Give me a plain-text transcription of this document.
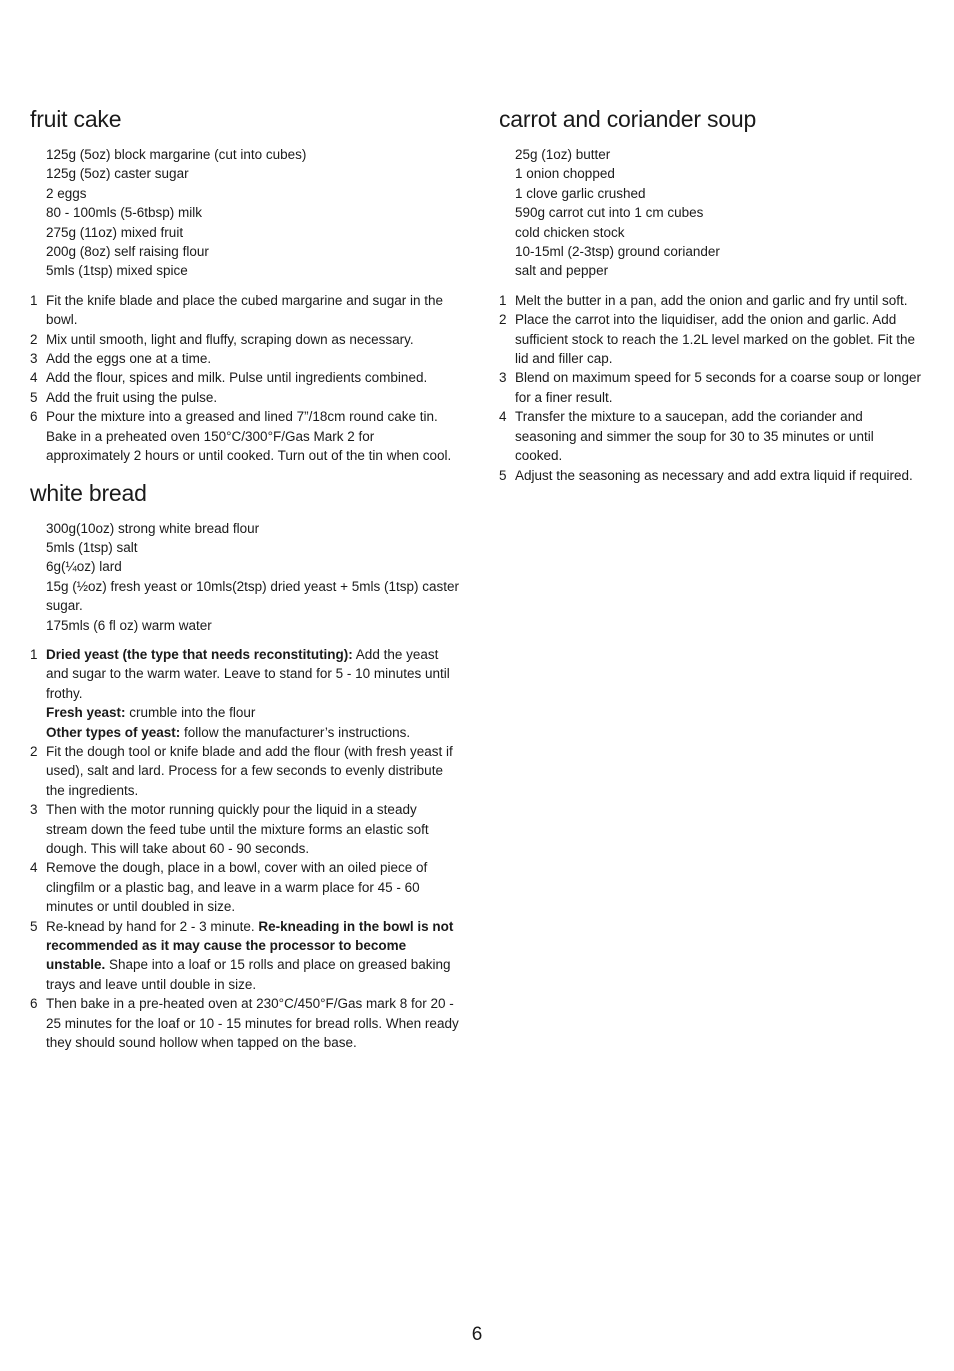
fruit cake
125g (5oz) block margarine (cut into cubes)
125g (5oz) caster sugar
2 eggs
80 - 100mls (5-6tbsp) milk
275g (11oz) mixed fruit
200g (8oz) self raising flour
5mls (1tsp) mixed spice
1 Fit the knife blade and place the cubed margarine and sugar in the bowl.
2 Mix until smooth, light and fluffy, scraping down as necessary.
3 Add the eggs one at a time.
4 Add the flour, spices and milk. Pulse until ingredients combined.
5 Add the fruit using the pulse.
6 Pour the mixture into a greased and lined 7”/18cm round cake tin. Bake in a preheated oven 150°C/300°F/Gas Mark 2 for approximately 2 hours or until cooked. Turn out of the tin when cool.
white bread
300g(10oz) strong white bread flour
5mls (1tsp) salt
6g(¼oz) lard
15g (½oz) fresh yeast or 10mls(2tsp) dried yeast + 5mls (1tsp) caster sugar.
175mls (6 fl oz) warm water
1 Dried yeast (the type that needs reconstituting): Add the yeast and sugar to the warm water. Leave to stand for 5 - 10 minutes until frothy.
Fresh yeast: crumble into the flour
Other types of yeast: follow the manufacturer’s instructions.
2 Fit the dough tool or knife blade and add the flour (with fresh yeast if used), salt and lard. Process for a few seconds to evenly distribute the ingredients.
3 Then with the motor running quickly pour the liquid in a steady stream down the feed tube until the mixture forms an elastic soft dough. This will take about 60 - 90 seconds.
4 Remove the dough, place in a bowl, cover with an oiled piece of clingfilm or a plastic bag, and leave in a warm place for 45 - 60 minutes or until doubled in size.
5 Re-knead by hand for 2 - 3 minute. Re-kneading in the bowl is not recommended as it may cause the processor to become unstable. Shape into a loaf or 15 rolls and place on greased baking trays and leave until double in size.
6 Then bake in a pre-heated oven at 230°C/450°F/Gas mark 8 for 20 - 25 minutes for the loaf or 10 - 15 minutes for bread rolls. When ready they should sound hollow when tapped on the base.
carrot and coriander soup
25g (1oz) butter
1 onion chopped
1 clove garlic crushed
590g carrot cut into 1 cm cubes
cold chicken stock
10-15ml (2-3tsp) ground coriander
salt and pepper
1 Melt the butter in a pan, add the onion and garlic and fry until soft.
2 Place the carrot into the liquidiser, add the onion and garlic. Add sufficient stock to reach the 1.2L level marked on the goblet. Fit the lid and filler cap.
3 Blend on maximum speed for 5 seconds for a coarse soup or longer for a finer result.
4 Transfer the mixture to a saucepan, add the coriander and seasoning and simmer the soup for 30 to 35 minutes or until cooked.
5 Adjust the seasoning as necessary and add extra liquid if required.
6
